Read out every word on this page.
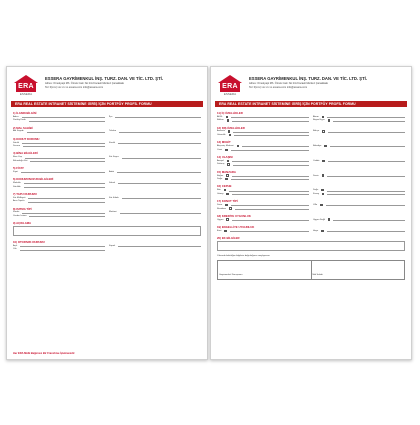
ERA
ESSERA
ESSERA GAYRİMENKUL İNŞ. TURZ. DAN. VE TİC. LTD. ŞTİ.
Adres: Ornekyapi Mh. Örnek Cad. No:1/A Kocaeli Merkez Çanakkale
Tel: 0(xxx) xxx xx xx essera.com info@essera.com
ERA REAL ESTATE INTRANET SİSTEMİNE GİRİŞ İÇİN PORTFÖY PROFİL FORMU
1) İLANIN BİLGİSİ
Adres
Portföy Kodu
İlçe
2) MAL SAHİBİ
Adı Soyadı	Telefon
3) KONUT DURUMU
Satılık
Devren
Kiralık
4) BİNA BİLGİLERİ
Bina Yaşı
Bulunduğu Kat
Kat Sayısı
5) FİYAT
Fiyat	Aidat
6) KONUMUNUZUN BİLGİLERİ
Mahalle
Site Adı
Sokak
7) TAPU DURUMU
Kat Mülkiyeti
Arsa Tapulu
Kat İrtifakı
8) ISITMA TİPİ
Kombi
Yerden Isıtma
Merkezi
9) AÇIKLAMA
10) OTOPARK DURUMU
Açık
Yok
Kapalı
Her ERA Mülk Bağımsız Bir Franchise İşletmesidir
ERA
ESSERA
ESSERA GAYRİMENKUL İNŞ. TURZ. DAN. VE TİC. LTD. ŞTİ.
Adres: Ornekyapi Mh. Örnek Cad. No:1/A Kocaeli Merkez Çanakkale
Tel: 0(xxx) xxx xx xx essera.com info@essera.com
ERA REAL ESTATE INTRANET SİSTEMİNE GİRİŞ İÇİN PORTFÖY PROFİL FORMU
11) İÇ ÖZELLİKLER
ADSL
Balkon
Alarm
Beyaz Eşya
12) DIŞ ÖZELLİKLER
Asansör
Güvenlik
Bahçe
13) MUHİT
Alışveriş Merkezi
Cami
Belediye
14) ULAŞIM
Anayol
Dolmuş
Cadde
15) MANZARA
Boğaz
Doğa
Deniz
16) CEPHE
Batı
Güney
Doğu
Kuzey
17) KONUT TİPİ
Daire
Rezidans
Villa
18) KREDİYE UYGUNLUK
Uygun	Uygun Değil
19) ENGELLİYE UYGUNLUK
Evet	Hayır
20) EK BİLGİLER
Yukarıda belirttiğim bilgilerin doğruluğunu onaylıyorum.
Gayrimenkul Danışmanı	Mal Sahibi
